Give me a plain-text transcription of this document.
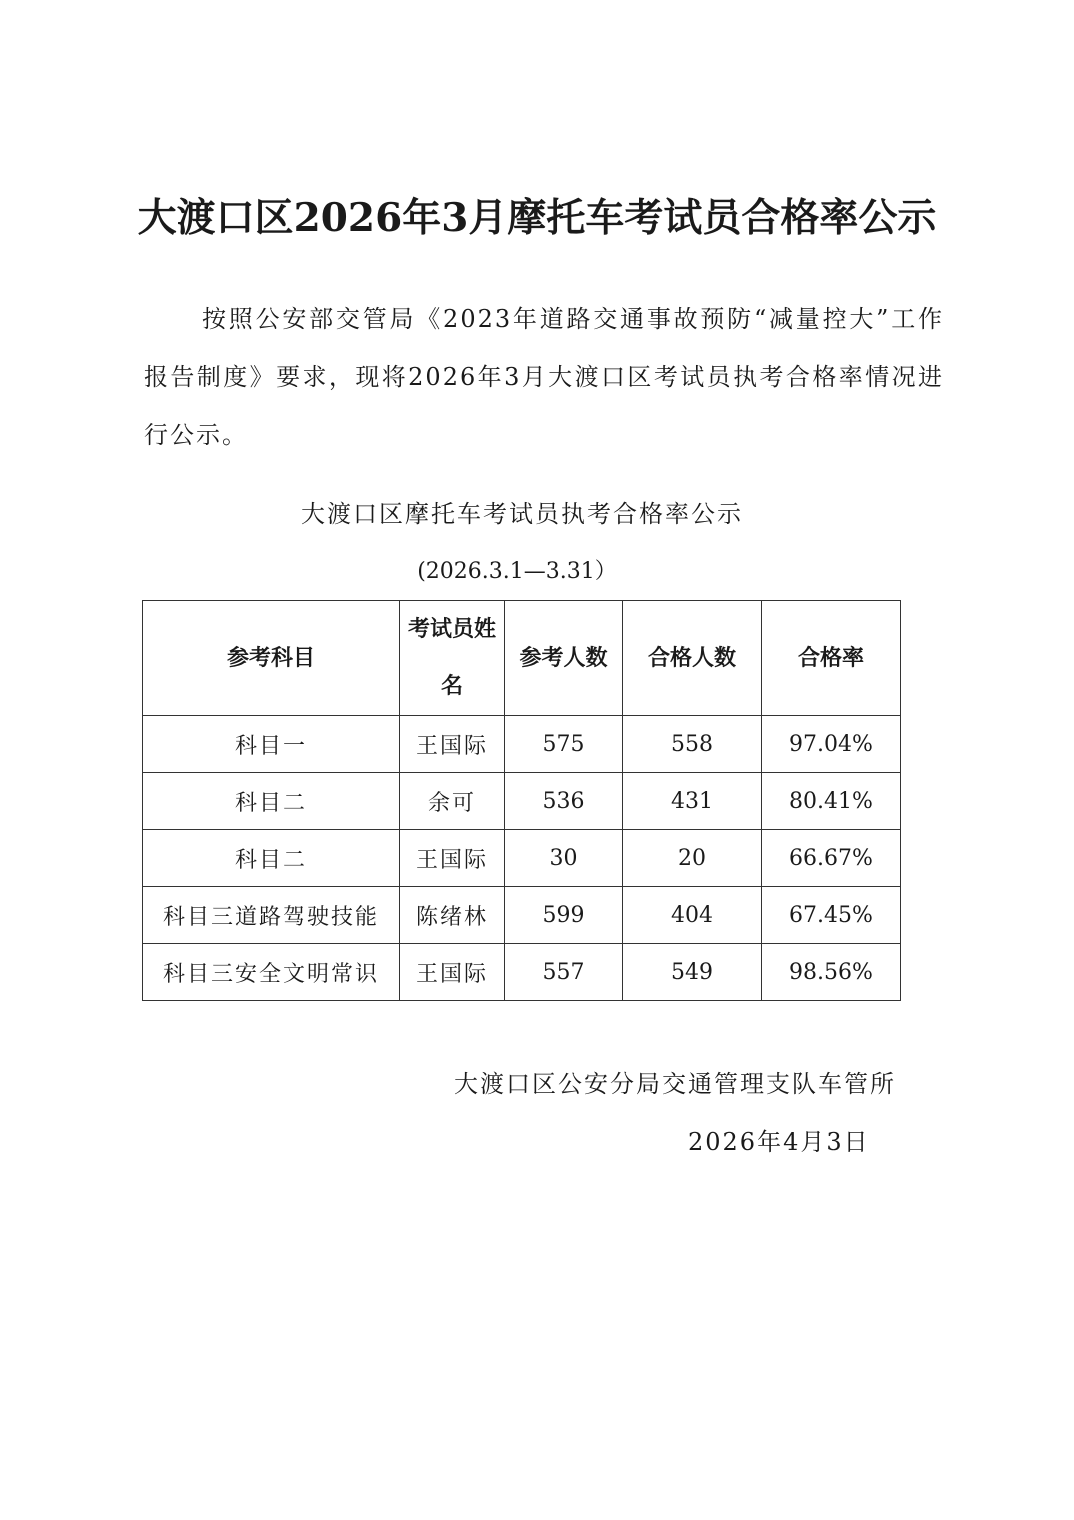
大渡口区2026年3月摩托车考试员合格率公示
按照公安部交管局《2023年道路交通事故预防“减量控大”工作报告制度》要求，现将2026年3月大渡口区考试员执考合格率情况进行公示。
大渡口区摩托车考试员执考合格率公示
(2026.3.1—3.31）
参考科目	考试员姓名	参考人数	合格人数	合格率
科目一	王国际	575	558	97.04%
科目二	余可	536	431	80.41%
科目二	王国际	30	20	66.67%
科目三道路驾驶技能	陈绪林	599	404	67.45%
科目三安全文明常识	王国际	557	549	98.56%
大渡口区公安分局交通管理支队车管所
2026年4月3日
